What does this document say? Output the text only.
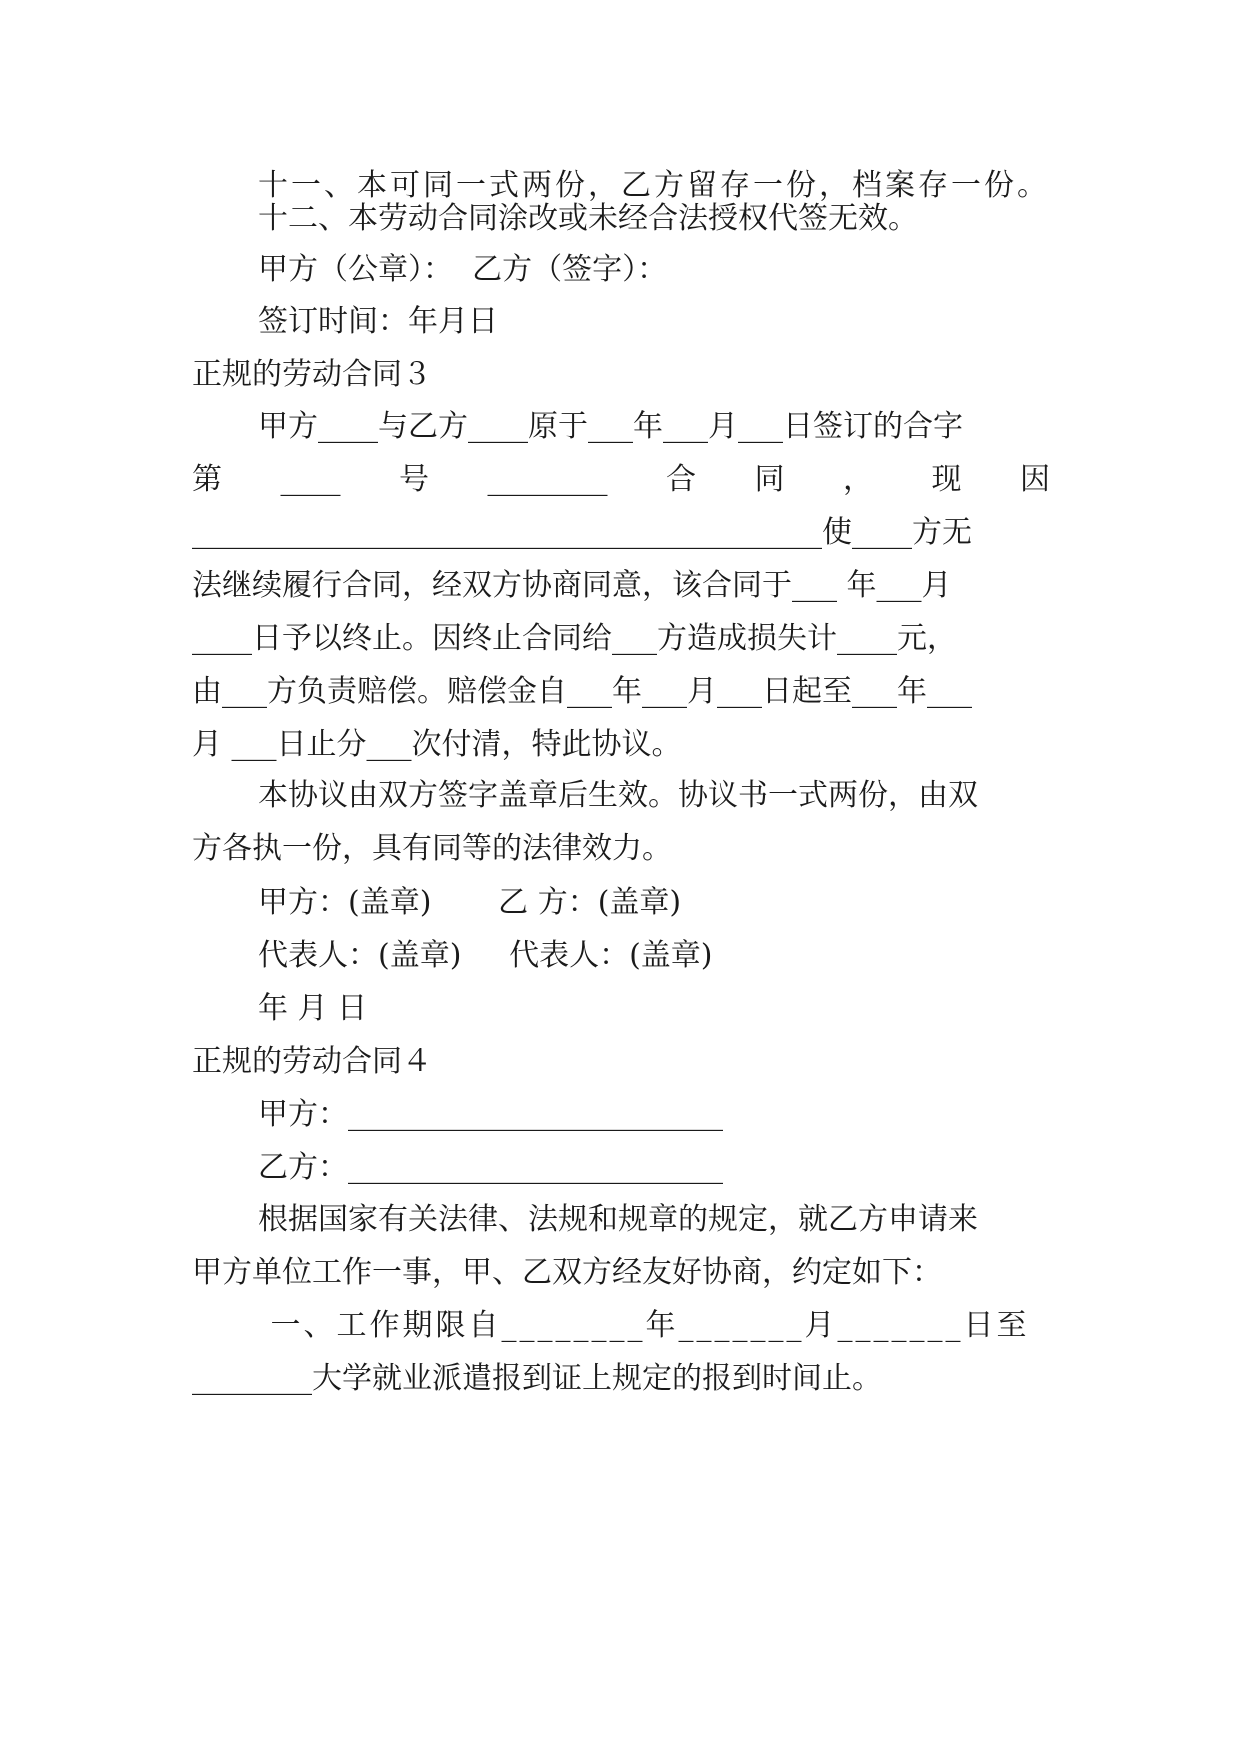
十一、本可同一式两份，乙方留存一份，档案存一份。
十二、本劳动合同涂改或未经合法授权代签无效。
甲方（公章）：  乙方（签字）：
签订时间：年月日
正规的劳动合同３
甲方____与乙方____原于___年___月___日签订的合字
第 ____ 号 ________ 合 同 ， 现 因
__________________________________________使____方无
法继续履行合同，经双方协商同意，该合同于___ 年___月
____日予以终止。因终止合同给___方造成损失计____元，
由___方负责赔偿。赔偿金自___年___月___日起至___年___
月 ___日止分___次付清，特此协议。
本协议由双方签字盖章后生效。协议书一式两份，由双
方各执一份，具有同等的法律效力。
甲方：(盖章)       乙 方：(盖章)
代表人：(盖章)     代表人：(盖章)
年 月 日
正规的劳动合同４
甲方：_________________________
乙方：_________________________
根据国家有关法律、法规和规章的规定，就乙方申请来
甲方单位工作一事，甲、乙双方经友好协商，约定如下：
一、工作期限自________年_______月_______日至
________大学就业派遣报到证上规定的报到时间止。
